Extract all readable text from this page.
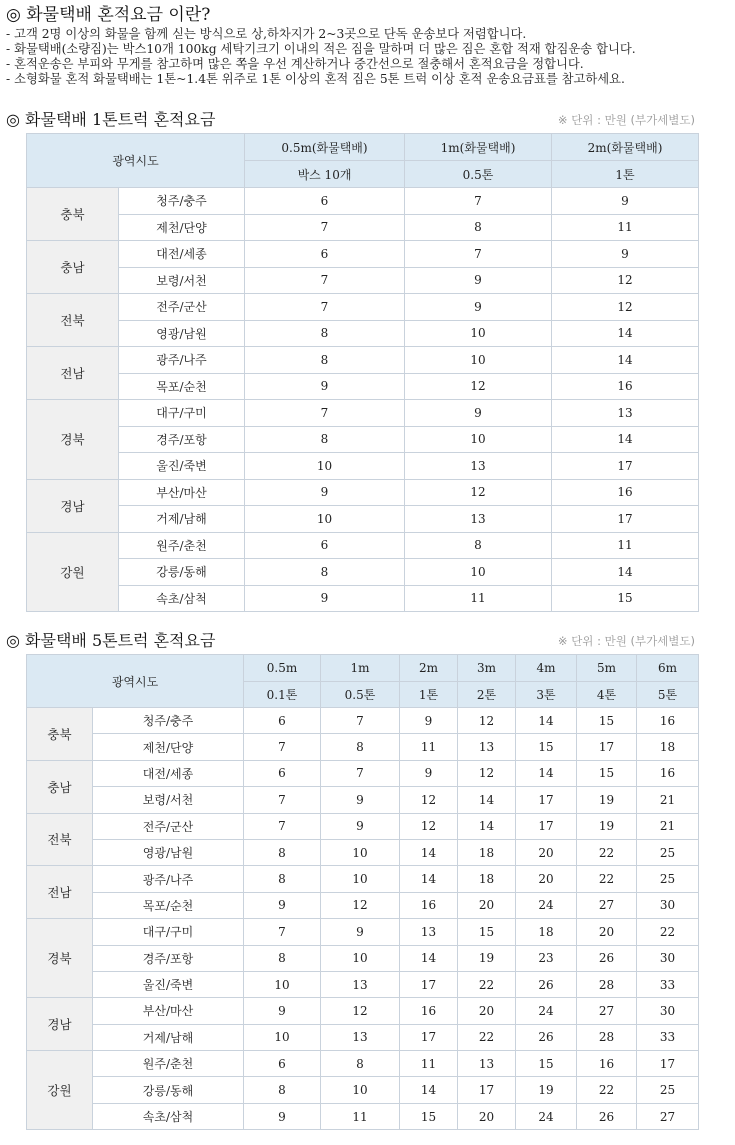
◎ 화물택배 혼적요금 이란?
- 고객 2명 이상의 화물을 함께 싣는 방식으로 상,하차지가 2~3곳으로 단독 운송보다 저렴합니다.
- 화물택배(소량짐)는 박스10개 100kg 세탁기크기 이내의 적은 짐을 말하며 더 많은 짐은 혼합 적재 합짐운송 합니다.
- 혼적운송은 부피와 무게를 참고하며 많은 쪽을 우선 계산하거나 중간선으로 절충해서 혼적요금을 정합니다.
- 소형화물 혼적 화물택배는 1톤~1.4톤 위주로 1톤 이상의 혼적 짐은 5톤 트럭 이상 혼적 운송요금표를 참고하세요.
◎ 화물택배 1톤트럭 혼적요금	※ 단위 : 만원 (부가세별도)
광역시도		0.5m(화물택배)	1m(화물택배)	2m(화물택배)
		박스 10개	0.5톤	1톤
충북	청주/충주	6	7	9
	제천/단양	7	8	11
충남	대전/세종	6	7	9
	보령/서천	7	9	12
전북	전주/군산	7	9	12
	영광/남원	8	10	14
전남	광주/나주	8	10	14
	목포/순천	9	12	16
경북	대구/구미	7	9	13
	경주/포항	8	10	14
	울진/죽변	10	13	17
경남	부산/마산	9	12	16
	거제/남해	10	13	17
강원	원주/춘천	6	8	11
	강릉/동해	8	10	14
	속초/삼척	9	11	15
◎ 화물택배 5톤트럭 혼적요금	※ 단위 : 만원 (부가세별도)
광역시도		0.5m	1m	2m	3m	4m	5m	6m
		0.1톤	0.5톤	1톤	2톤	3톤	4톤	5톤
충북	청주/충주	6	7	9	12	14	15	16
	제천/단양	7	8	11	13	15	17	18
충남	대전/세종	6	7	9	12	14	15	16
	보령/서천	7	9	12	14	17	19	21
전북	전주/군산	7	9	12	14	17	19	21
	영광/남원	8	10	14	18	20	22	25
전남	광주/나주	8	10	14	18	20	22	25
	목포/순천	9	12	16	20	24	27	30
경북	대구/구미	7	9	13	15	18	20	22
	경주/포항	8	10	14	19	23	26	30
	울진/죽변	10	13	17	22	26	28	33
경남	부산/마산	9	12	16	20	24	27	30
	거제/남해	10	13	17	22	26	28	33
강원	원주/춘천	6	8	11	13	15	16	17
	강릉/동해	8	10	14	17	19	22	25
	속초/삼척	9	11	15	20	24	26	27
